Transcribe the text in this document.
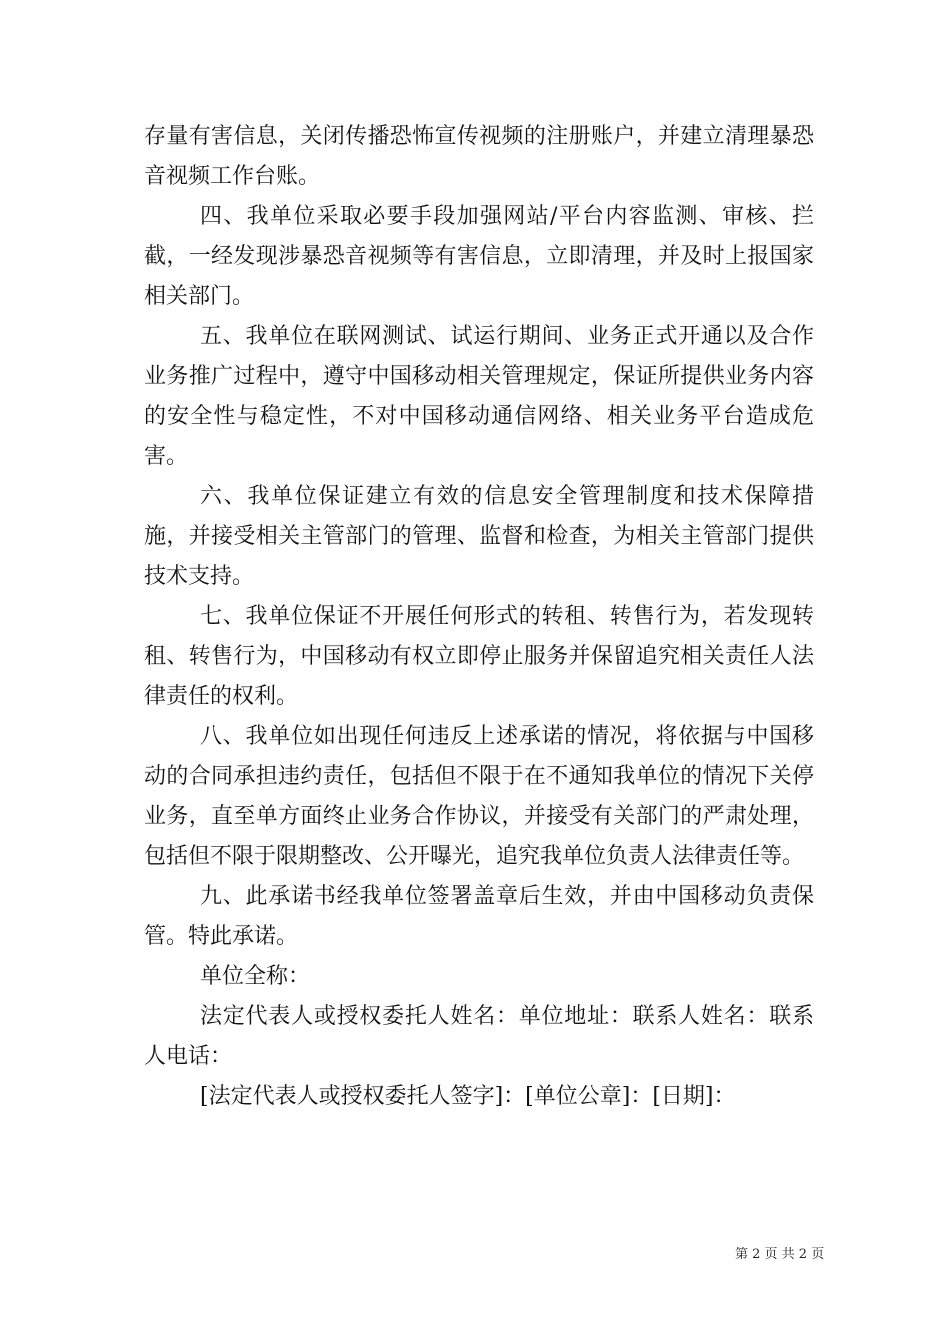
存量有害信息，关闭传播恐怖宣传视频的注册账户，并建立清理暴恐音视频工作台账。

四、我单位采取必要手段加强网站/平台内容监测、审核、拦截，一经发现涉暴恐音视频等有害信息，立即清理，并及时上报国家相关部门。

五、我单位在联网测试、试运行期间、业务正式开通以及合作业务推广过程中，遵守中国移动相关管理规定，保证所提供业务内容的安全性与稳定性，不对中国移动通信网络、相关业务平台造成危害。

六、我单位保证建立有效的信息安全管理制度和技术保障措施，并接受相关主管部门的管理、监督和检查，为相关主管部门提供技术支持。

七、我单位保证不开展任何形式的转租、转售行为，若发现转租、转售行为，中国移动有权立即停止服务并保留追究相关责任人法律责任的权利。

八、我单位如出现任何违反上述承诺的情况，将依据与中国移动的合同承担违约责任，包括但不限于在不通知我单位的情况下关停业务，直至单方面终止业务合作协议，并接受有关部门的严肃处理，包括但不限于限期整改、公开曝光，追究我单位负责人法律责任等。

九、此承诺书经我单位签署盖章后生效，并由中国移动负责保管。特此承诺。

单位全称：

法定代表人或授权委托人姓名：单位地址：联系人姓名：联系人电话：

[法定代表人或授权委托人签字]：[单位公章]：[日期]：

第 2 页 共 2 页
